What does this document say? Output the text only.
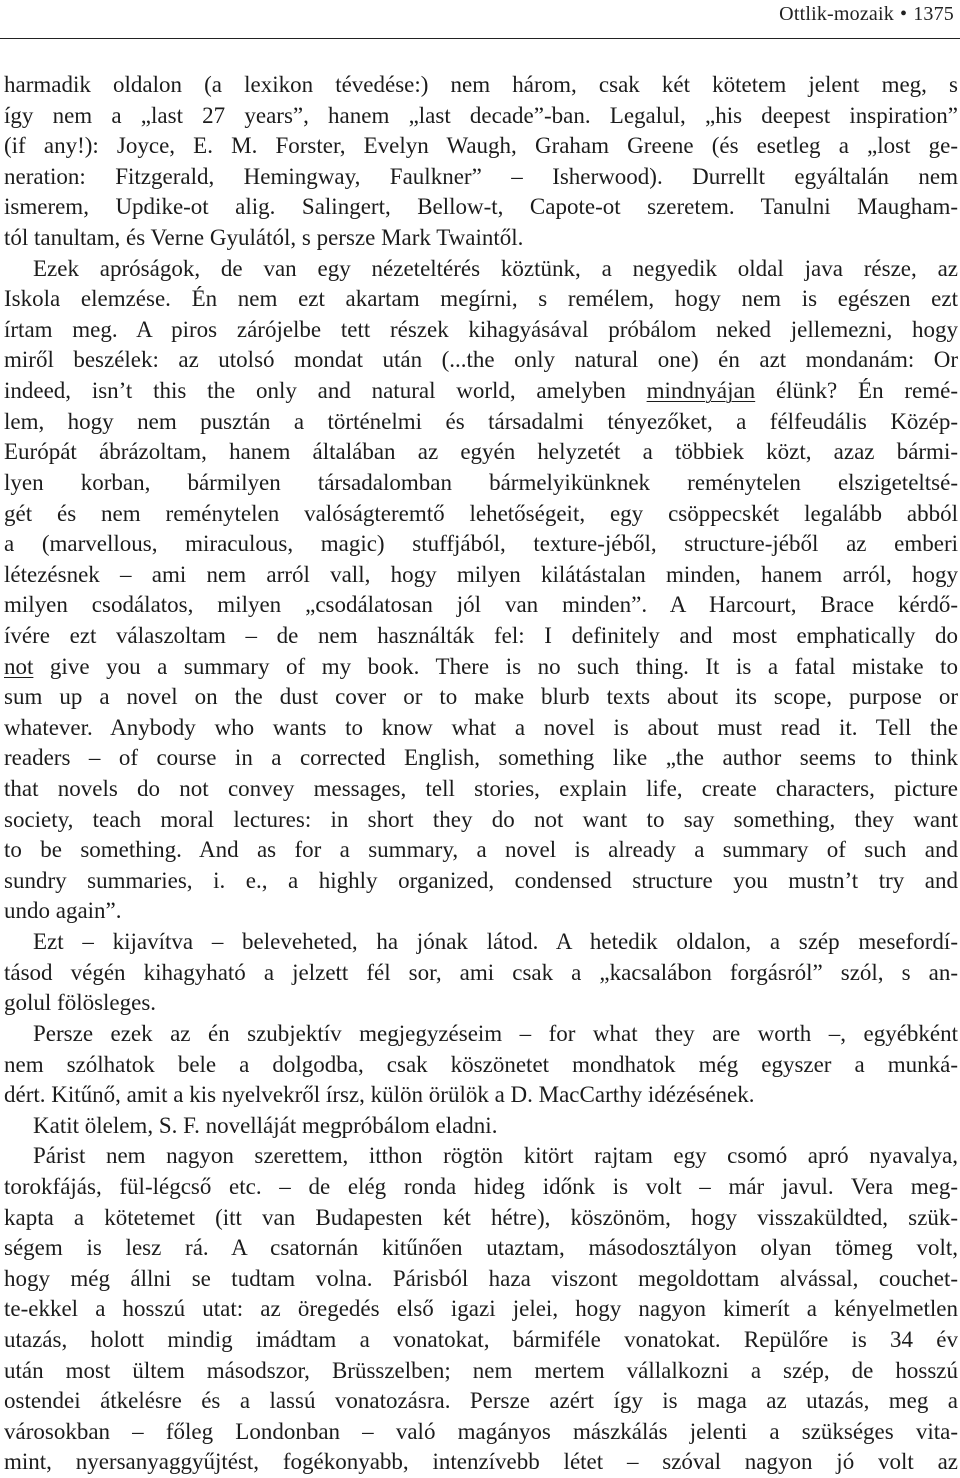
Ottlik-mozaik • 1375
harmadik oldalon (a lexikon tévedése:) nem három, csak két kötetem jelent meg, s
így nem a „last 27 years”, hanem „last decade”-ban. Legalul, „his deepest inspiration”
(if any!): Joyce, E. M. Forster, Evelyn Waugh, Graham Greene (és esetleg a „lost ge-
neration: Fitzgerald, Hemingway, Faulkner” – Isherwood). Durrellt egyáltalán nem
ismerem, Updike-ot alig. Salingert, Bellow-t, Capote-ot szeretem. Tanulni Maugham-
tól tanultam, és Verne Gyulától, s persze Mark Twaintől.
Ezek apróságok, de van egy nézeteltérés köztünk, a negyedik oldal java része, az
Iskola elemzése. Én nem ezt akartam megírni, s remélem, hogy nem is egészen ezt
írtam meg. A piros zárójelbe tett részek kihagyásával próbálom neked jellemezni, hogy
miről beszélek: az utolsó mondat után (...the only natural one) én azt mondanám: Or
indeed, isn’t this the only and natural world, amelyben mindnyájan élünk? Én remé-
lem, hogy nem pusztán a történelmi és társadalmi tényezőket, a félfeudális Közép-
Európát ábrázoltam, hanem általában az egyén helyzetét a többiek közt, azaz bármi-
lyen korban, bármilyen társadalomban bármelyikünknek reménytelen elszigeteltsé-
gét és nem reménytelen valóságteremtő lehetőségeit, egy csöppecskét legalább abból
a (marvellous, miraculous, magic) stuffjából, texture-jéből, structure-jéből az emberi
létezésnek – ami nem arról vall, hogy milyen kilátástalan minden, hanem arról, hogy
milyen csodálatos, milyen „csodálatosan jól van minden”. A Harcourt, Brace kérdő-
ívére ezt válaszoltam – de nem használták fel: I definitely and most emphatically do
not give you a summary of my book. There is no such thing. It is a fatal mistake to
sum up a novel on the dust cover or to make blurb texts about its scope, purpose or
whatever. Anybody who wants to know what a novel is about must read it. Tell the
readers – of course in a corrected English, something like „the author seems to think
that novels do not convey messages, tell stories, explain life, create characters, picture
society, teach moral lectures: in short they do not want to say something, they want
to be something. And as for a summary, a novel is already a summary of such and
sundry summaries, i. e., a highly organized, condensed structure you mustn’t try and
undo again”.
Ezt – kijavítva – beleveheted, ha jónak látod. A hetedik oldalon, a szép mesefordí-
tásod végén kihagyható a jelzett fél sor, ami csak a „kacsalábon forgásról” szól, s an-
golul fölösleges.
Persze ezek az én szubjektív megjegyzéseim – for what they are worth –, egyébként
nem szólhatok bele a dolgodba, csak köszönetet mondhatok még egyszer a munká-
dért. Kitűnő, amit a kis nyelvekről írsz, külön örülök a D. MacCarthy idézésének.
Katit ölelem, S. F. novelláját megpróbálom eladni.
Párist nem nagyon szerettem, itthon rögtön kitört rajtam egy csomó apró nyavalya,
torokfájás, fül-légcső etc. – de elég ronda hideg időnk is volt – már javul. Vera meg-
kapta a kötetemet (itt van Budapesten két hétre), köszönöm, hogy visszaküldted, szük-
ségem is lesz rá. A csatornán kitűnően utaztam, másodosztályon olyan tömeg volt,
hogy még állni se tudtam volna. Párisból haza viszont megoldottam alvással, couchet-
te-ekkel a hosszú utat: az öregedés első igazi jelei, hogy nagyon kimerít a kényelmetlen
utazás, holott mindig imádtam a vonatokat, bármiféle vonatokat. Repülőre is 34 év
után most ültem másodszor, Brüsszelben; nem mertem vállalkozni a szép, de hosszú
ostendei átkelésre és a lassú vonatozásra. Persze azért így is maga az utazás, meg a
városokban – főleg Londonban – való magányos mászkálás jelenti a szükséges vita-
mint, nyersanyaggyűjtést, fogékonyabb, intenzívebb létet – szóval nagyon jó volt az
